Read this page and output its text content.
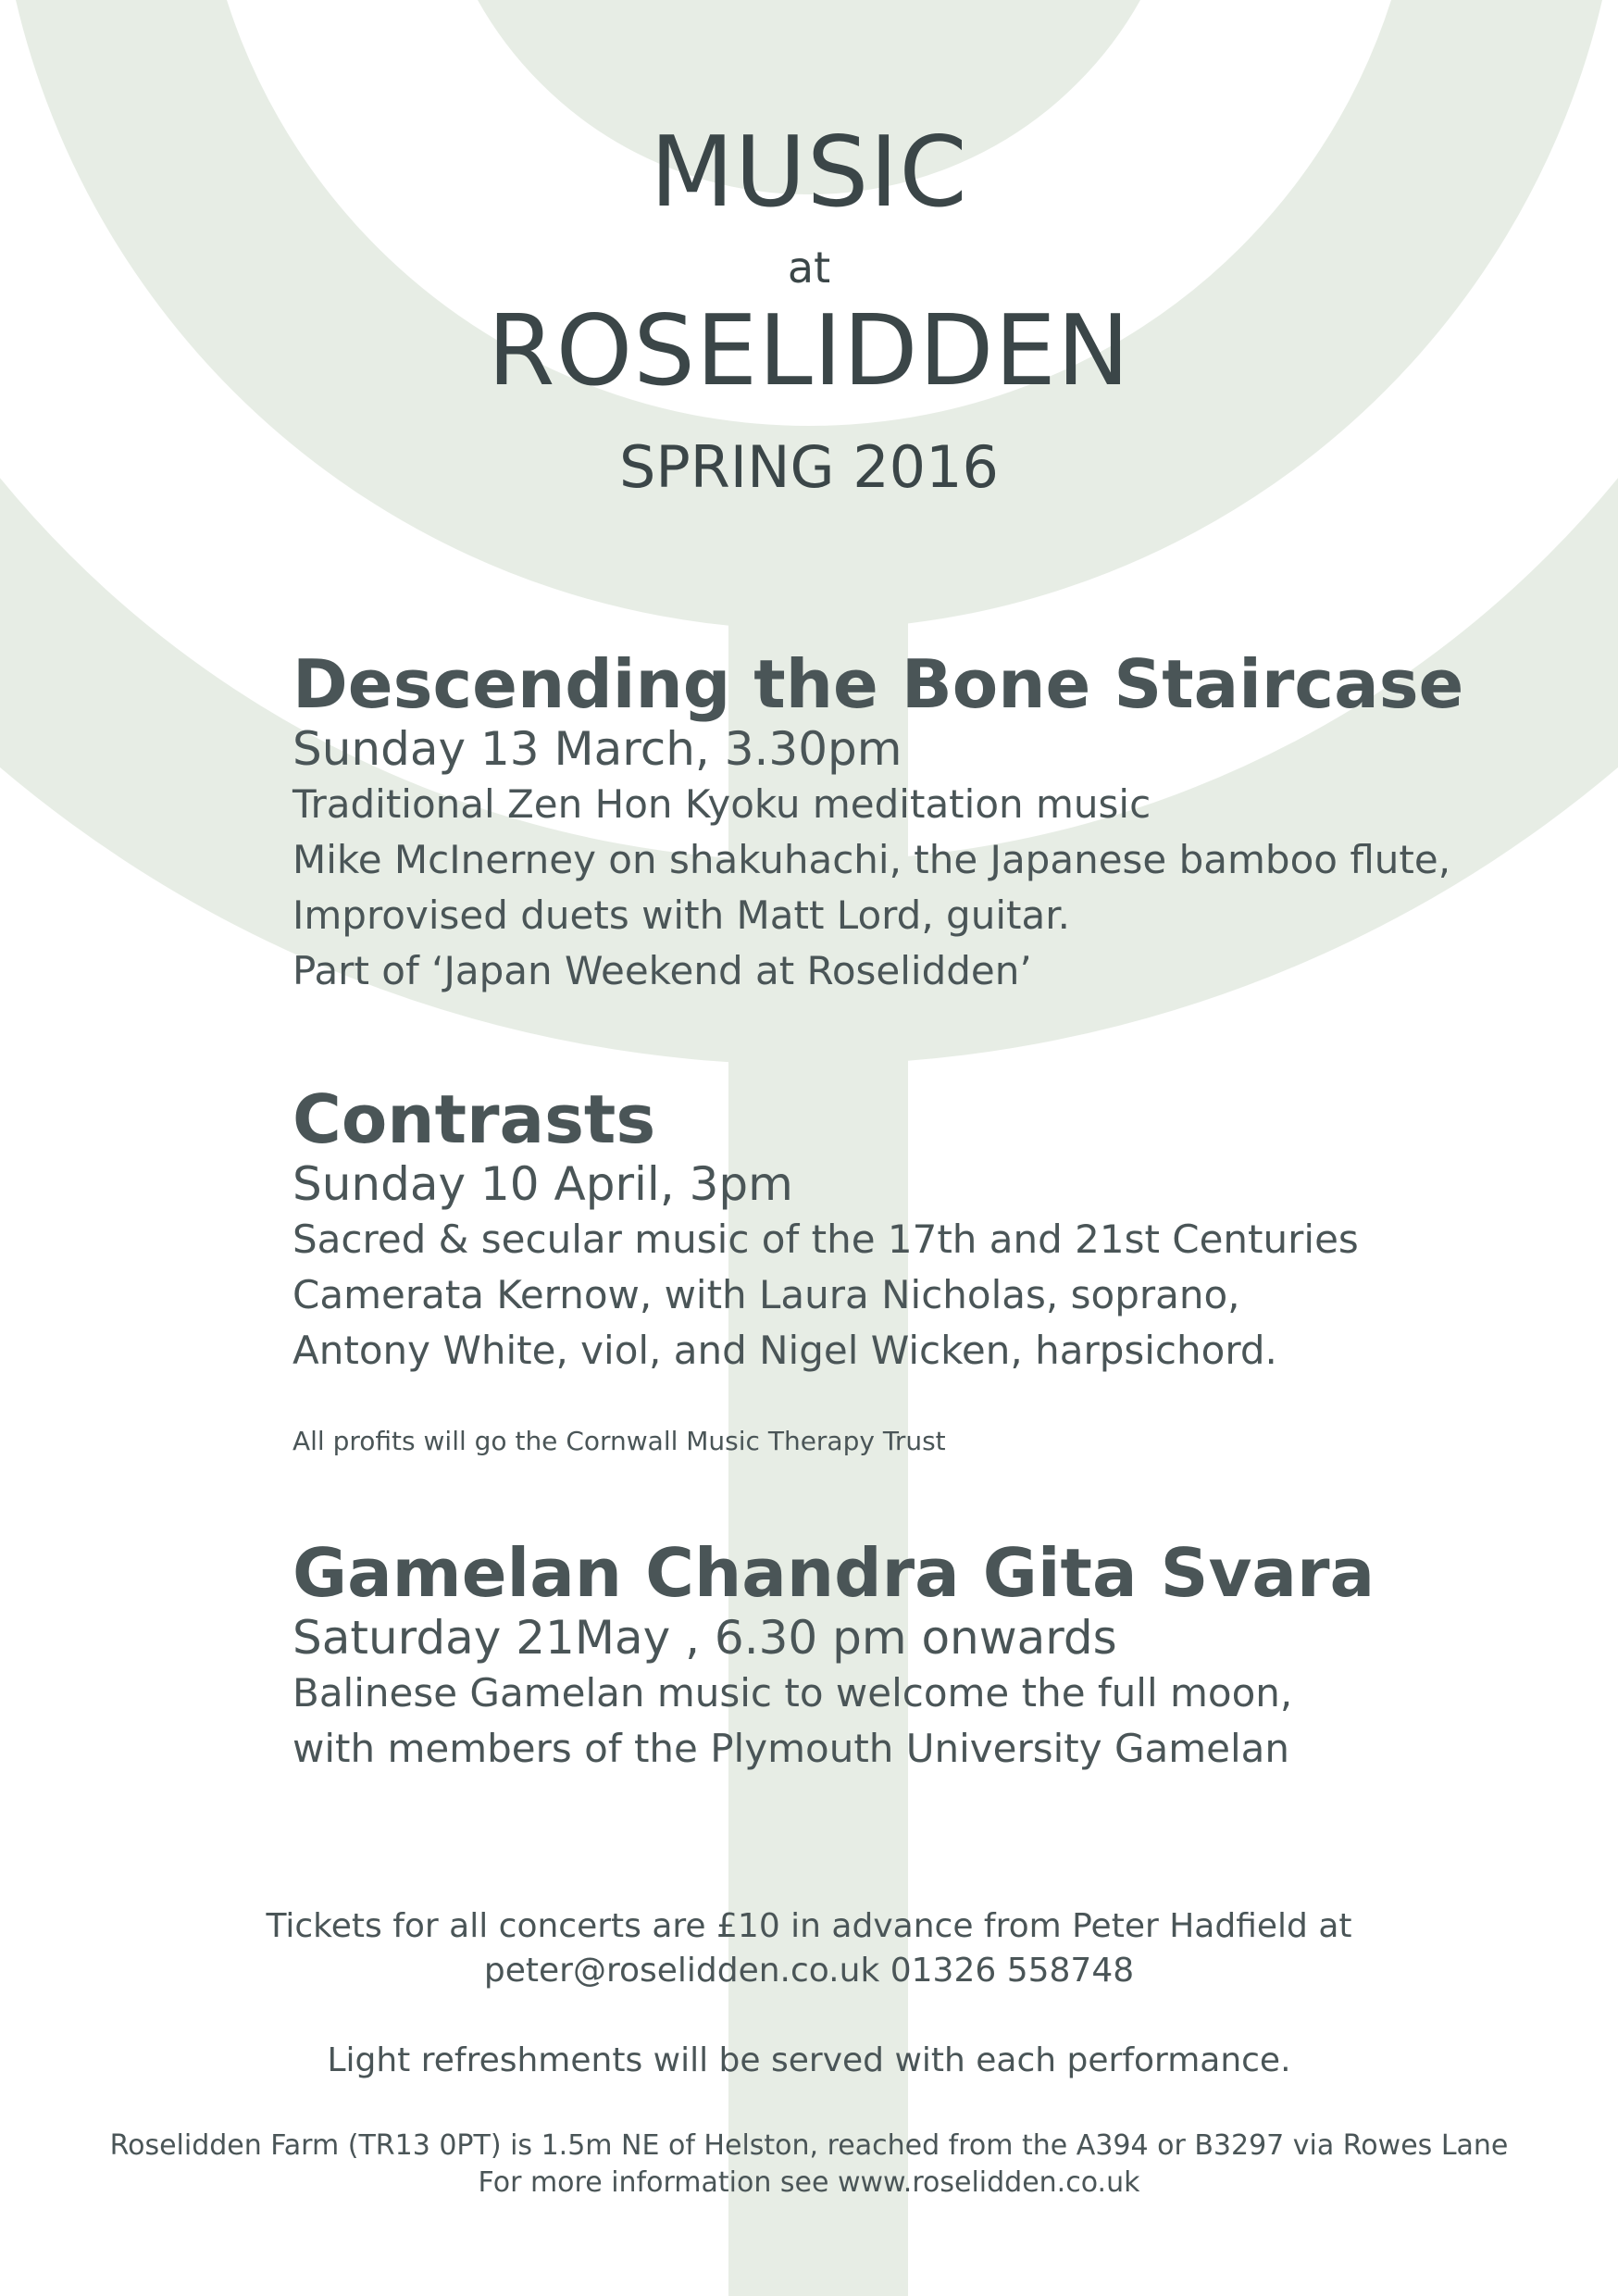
MUSIC
at
ROSELIDDEN
SPRING 2016
Descending the Bone Staircase

Sunday 13 March, 3.30pm

Traditional Zen Hon Kyoku meditation music

Mike McInerney on shakuhachi, the Japanese bamboo flute,

Improvised duets with Matt Lord, guitar.

Part of ‘Japan Weekend at Roselidden’

Contrasts

Sunday 10 April, 3pm

Sacred & secular music of the 17th and 21st Centuries

Camerata Kernow, with Laura Nicholas, soprano,

Antony White, viol, and Nigel Wicken, harpsichord.

All profits will go the Cornwall Music Therapy Trust
Gamelan Chandra Gita Svara

Saturday 21May , 6.30 pm onwards

Balinese Gamelan music to welcome the full moon,

with members of the Plymouth University Gamelan

Tickets for all concerts are £10 in advance from Peter Hadfield at
peter@roselidden.co.uk 01326 558748
Light refreshments will be served with each performance.
Roselidden Farm (TR13 0PT) is 1.5m NE of Helston, reached from the A394 or B3297 via Rowes Lane
For more information see www.roselidden.co.uk
